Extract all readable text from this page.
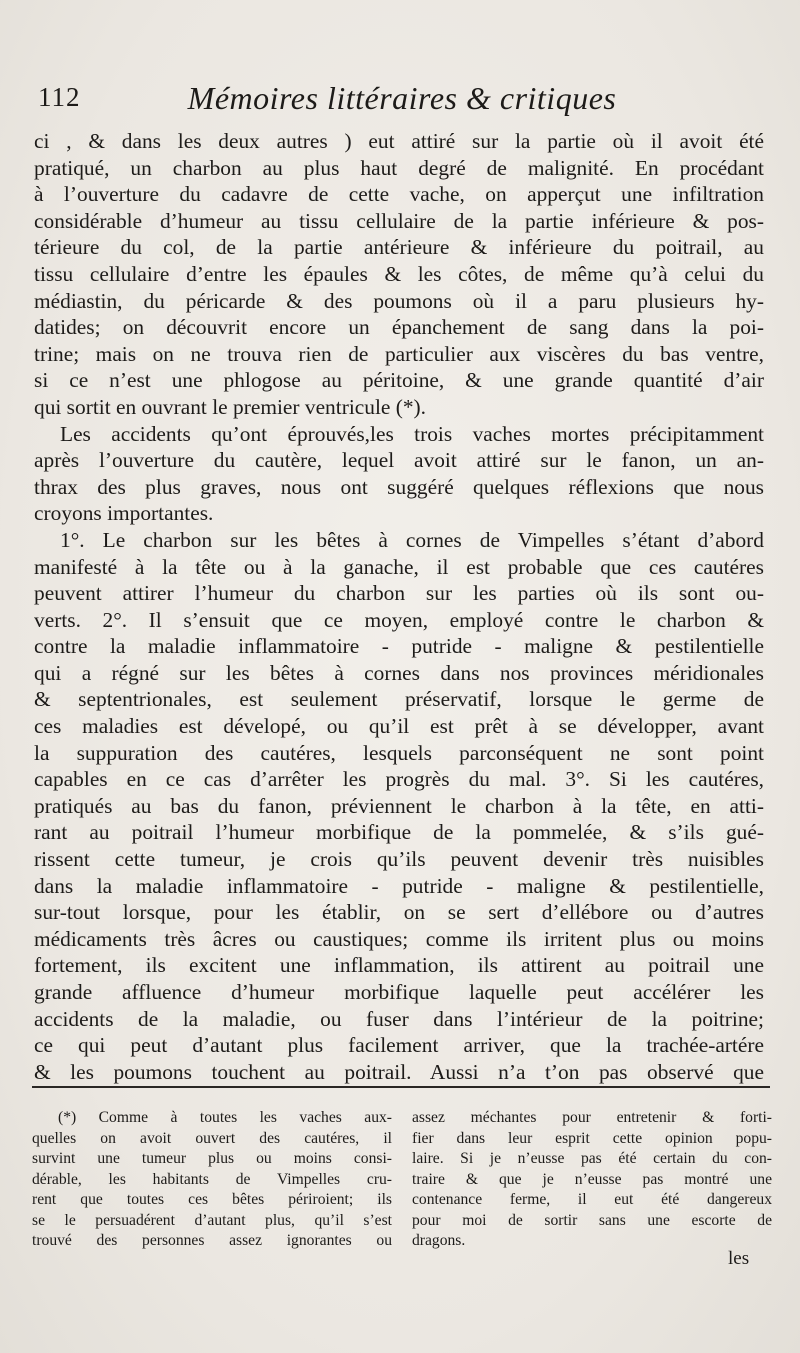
112	Mémoires littéraires & critiques
ci , & dans les deux autres ) eut attiré sur la partie où il avoit été
pratiqué, un charbon au plus haut degré de malignité. En procédant
à l’ouverture du cadavre de cette vache, on apperçut une infiltration
considérable d’humeur au tissu cellulaire de la partie inférieure & pos-
térieure du col, de la partie antérieure & inférieure du poitrail, au
tissu cellulaire d’entre les épaules & les côtes, de même qu’à celui du
médiastin, du péricarde & des poumons où il a paru plusieurs hy-
datides; on découvrit encore un épanchement de sang dans la poi-
trine; mais on ne trouva rien de particulier aux viscères du bas ventre,
si ce n’est une phlogose au péritoine, & une grande quantité d’air
qui sortit en ouvrant le premier ventricule (*).
Les accidents qu’ont éprouvés,les trois vaches mortes précipitamment
après l’ouverture du cautère, lequel avoit attiré sur le fanon, un an-
thrax des plus graves, nous ont suggéré quelques réflexions que nous
croyons importantes.
1°. Le charbon sur les bêtes à cornes de Vimpelles s’étant d’abord
manifesté à la tête ou à la ganache, il est probable que ces cautéres
peuvent attirer l’humeur du charbon sur les parties où ils sont ou-
verts. 2°. Il s’ensuit que ce moyen, employé contre le charbon &
contre la maladie inflammatoire - putride - maligne & pestilentielle
qui a régné sur les bêtes à cornes dans nos provinces méridionales
& septentrionales, est seulement préservatif, lorsque le germe de
ces maladies est dévelopé, ou qu’il est prêt à se développer, avant
la suppuration des cautéres, lesquels parconséquent ne sont point
capables en ce cas d’arrêter les progrès du mal. 3°. Si les cautéres,
pratiqués au bas du fanon, préviennent le charbon à la tête, en atti-
rant au poitrail l’humeur morbifique de la pommelée, & s’ils gué-
rissent cette tumeur, je crois qu’ils peuvent devenir très nuisibles
dans la maladie inflammatoire - putride - maligne & pestilentielle,
sur-tout lorsque, pour les établir, on se sert d’ellébore ou d’autres
médicaments très âcres ou caustiques; comme ils irritent plus ou moins
fortement, ils excitent une inflammation, ils attirent au poitrail une
grande affluence d’humeur morbifique laquelle peut accélérer les
accidents de la maladie, ou fuser dans l’intérieur de la poitrine;
ce qui peut d’autant plus facilement arriver, que la trachée-artére
& les poumons touchent au poitrail. Aussi n’a t’on pas observé que
(*) Comme à toutes les vaches aux-
quelles on avoit ouvert des cautéres, il
survint une tumeur plus ou moins consi-
dérable, les habitants de Vimpelles cru-
rent que toutes ces bêtes périroient; ils
se le persuadérent d’autant plus, qu’il s’est
trouvé des personnes assez ignorantes ou
assez méchantes pour entretenir & forti-
fier dans leur esprit cette opinion popu-
laire. Si je n’eusse pas été certain du con-
traire & que je n’eusse pas montré une
contenance ferme, il eut été dangereux
pour moi de sortir sans une escorte de
dragons.
les
